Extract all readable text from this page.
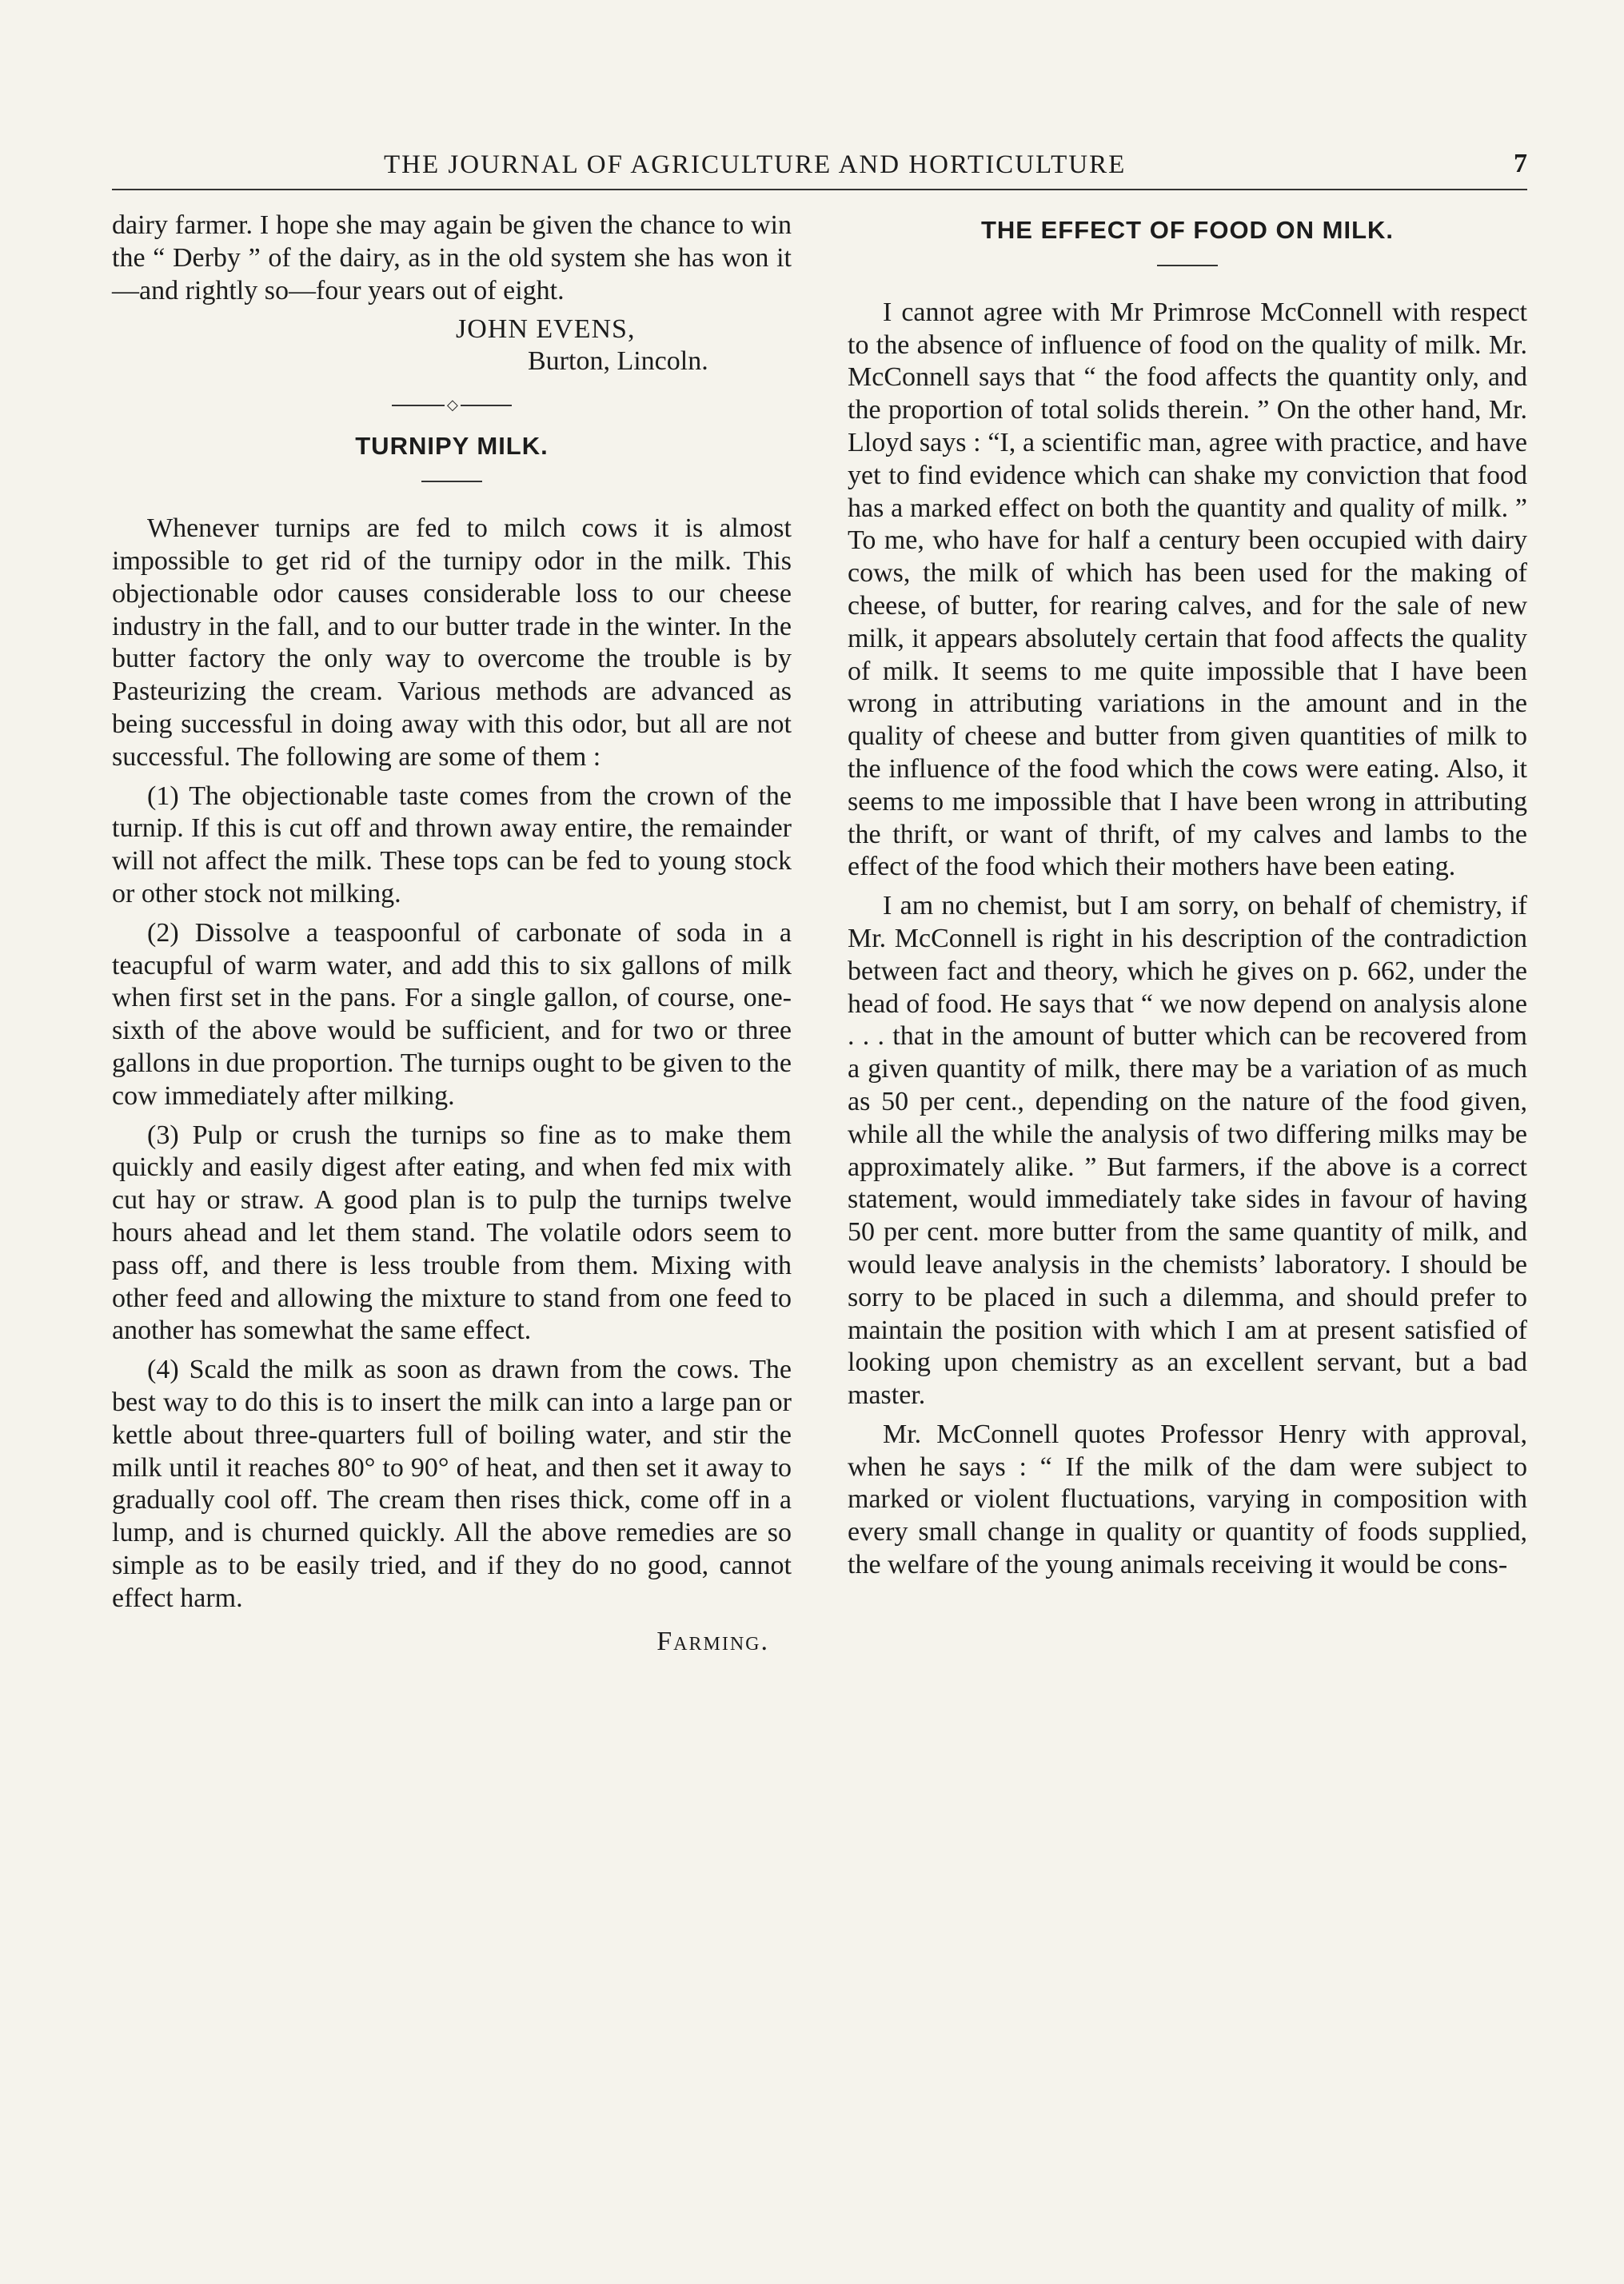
THE JOURNAL OF AGRICULTURE AND HORTICULTURE	7

dairy farmer. I hope she may again be given the chance to win the “ Derby ” of the dairy, as in the old system she has won it—and rightly so—four years out of eight.

JOHN EVENS,
Burton, Lincoln.
◇
TURNIPY MILK.

Whenever turnips are fed to milch cows it is almost impossible to get rid of the turnipy odor in the milk. This objectionable odor causes considerable loss to our cheese industry in the fall, and to our butter trade in the winter. In the butter factory the only way to overcome the trouble is by Pasteurizing the cream. Various methods are advanced as being successful in doing away with this odor, but all are not successful. The following are some of them :

(1) The objectionable taste comes from the crown of the turnip. If this is cut off and thrown away entire, the remainder will not affect the milk. These tops can be fed to young stock or other stock not milking.

(2) Dissolve a teaspoonful of carbonate of soda in a teacupful of warm water, and add this to six gallons of milk when first set in the pans. For a single gallon, of course, one-sixth of the above would be sufficient, and for two or three gallons in due proportion. The turnips ought to be given to the cow immediately after milking.

(3) Pulp or crush the turnips so fine as to make them quickly and easily digest after eating, and when fed mix with cut hay or straw. A good plan is to pulp the turnips twelve hours ahead and let them stand. The volatile odors seem to pass off, and there is less trouble from them. Mixing with other feed and allowing the mixture to stand from one feed to another has somewhat the same effect.

(4) Scald the milk as soon as drawn from the cows. The best way to do this is to insert the milk can into a large pan or kettle about three-quarters full of boiling water, and stir the milk until it reaches 80° to 90° of heat, and then set it away to gradually cool off. The cream then rises thick, come off in a lump, and is churned quickly. All the above remedies are so simple as to be easily tried, and if they do no good, cannot effect harm.

Farming.
THE EFFECT OF FOOD ON MILK.

I cannot agree with Mr Primrose McConnell with respect to the absence of influence of food on the quality of milk. Mr. McConnell says that “ the food affects the quantity only, and the proportion of total solids therein. ” On the other hand, Mr. Lloyd says : “I, a scientific man, agree with practice, and have yet to find evidence which can shake my conviction that food has a marked effect on both the quantity and quality of milk. ” To me, who have for half a century been occupied with dairy cows, the milk of which has been used for the making of cheese, of butter, for rearing calves, and for the sale of new milk, it appears absolutely certain that food affects the quality of milk. It seems to me quite impossible that I have been wrong in attributing variations in the amount and in the quality of cheese and butter from given quantities of milk to the influence of the food which the cows were eating. Also, it seems to me impossible that I have been wrong in attributing the thrift, or want of thrift, of my calves and lambs to the effect of the food which their mothers have been eating.

I am no chemist, but I am sorry, on behalf of chemistry, if Mr. McConnell is right in his description of the contradiction between fact and theory, which he gives on p. 662, under the head of food. He says that “ we now depend on analysis alone . . . that in the amount of butter which can be recovered from a given quantity of milk, there may be a variation of as much as 50 per cent., depending on the nature of the food given, while all the while the analysis of two differing milks may be approximately alike. ” But farmers, if the above is a correct statement, would immediately take sides in favour of having 50 per cent. more butter from the same quantity of milk, and would leave analysis in the chemists’ laboratory. I should be sorry to be placed in such a dilemma, and should prefer to maintain the position with which I am at present satisfied of looking upon chemistry as an excellent servant, but a bad master.

Mr. McConnell quotes Professor Henry with approval, when he says : “ If the milk of the dam were subject to marked or violent fluctuations, varying in composition with every small change in quality or quantity of foods supplied, the welfare of the young animals receiving it would be cons-
